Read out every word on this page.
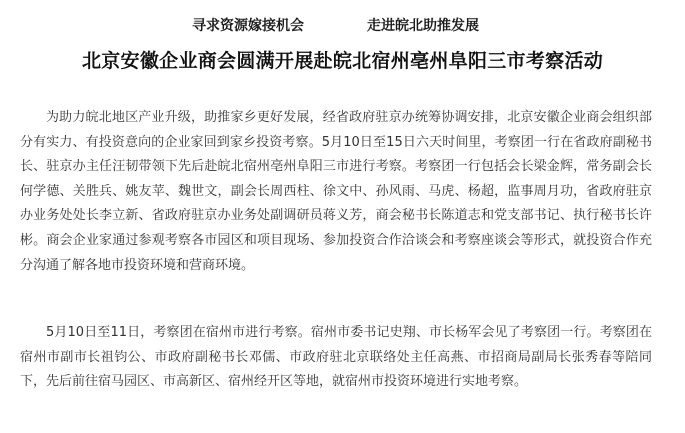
寻求资源嫁接机会	走进皖北助推发展
北京安徽企业商会圆满开展赴皖北宿州亳州阜阳三市考察活动

为助力皖北地区产业升级，助推家乡更好发展，经省政府驻京办统筹协调安排，北京安徽企业商会组织部分有实力、有投资意向的企业家回到家乡投资考察。5月10日至15日六天时间里，考察团一行在省政府副秘书长、驻京办主任汪韧带领下先后赴皖北宿州亳州阜阳三市进行考察。考察团一行包括会长梁金辉，常务副会长何学德、关胜兵、姚友苹、魏世文，副会长周西柱、徐文中、孙风雨、马虎、杨超，监事周月功，省政府驻京办业务处处长李立新、省政府驻京办业务处副调研员蒋义芳，商会秘书长陈道志和党支部书记、执行秘书长许彬。商会企业家通过参观考察各市园区和项目现场、参加投资合作洽谈会和考察座谈会等形式，就投资合作充分沟通了解各地市投资环境和营商环境。

5月10日至11日，考察团在宿州市进行考察。宿州市委书记史翔、市长杨军会见了考察团一行。考察团在宿州市副市长祖钧公、市政府副秘书长邓儒、市政府驻北京联络处主任高燕、市招商局副局长张秀春等陪同下，先后前往宿马园区、市高新区、宿州经开区等地，就宿州市投资环境进行实地考察。
